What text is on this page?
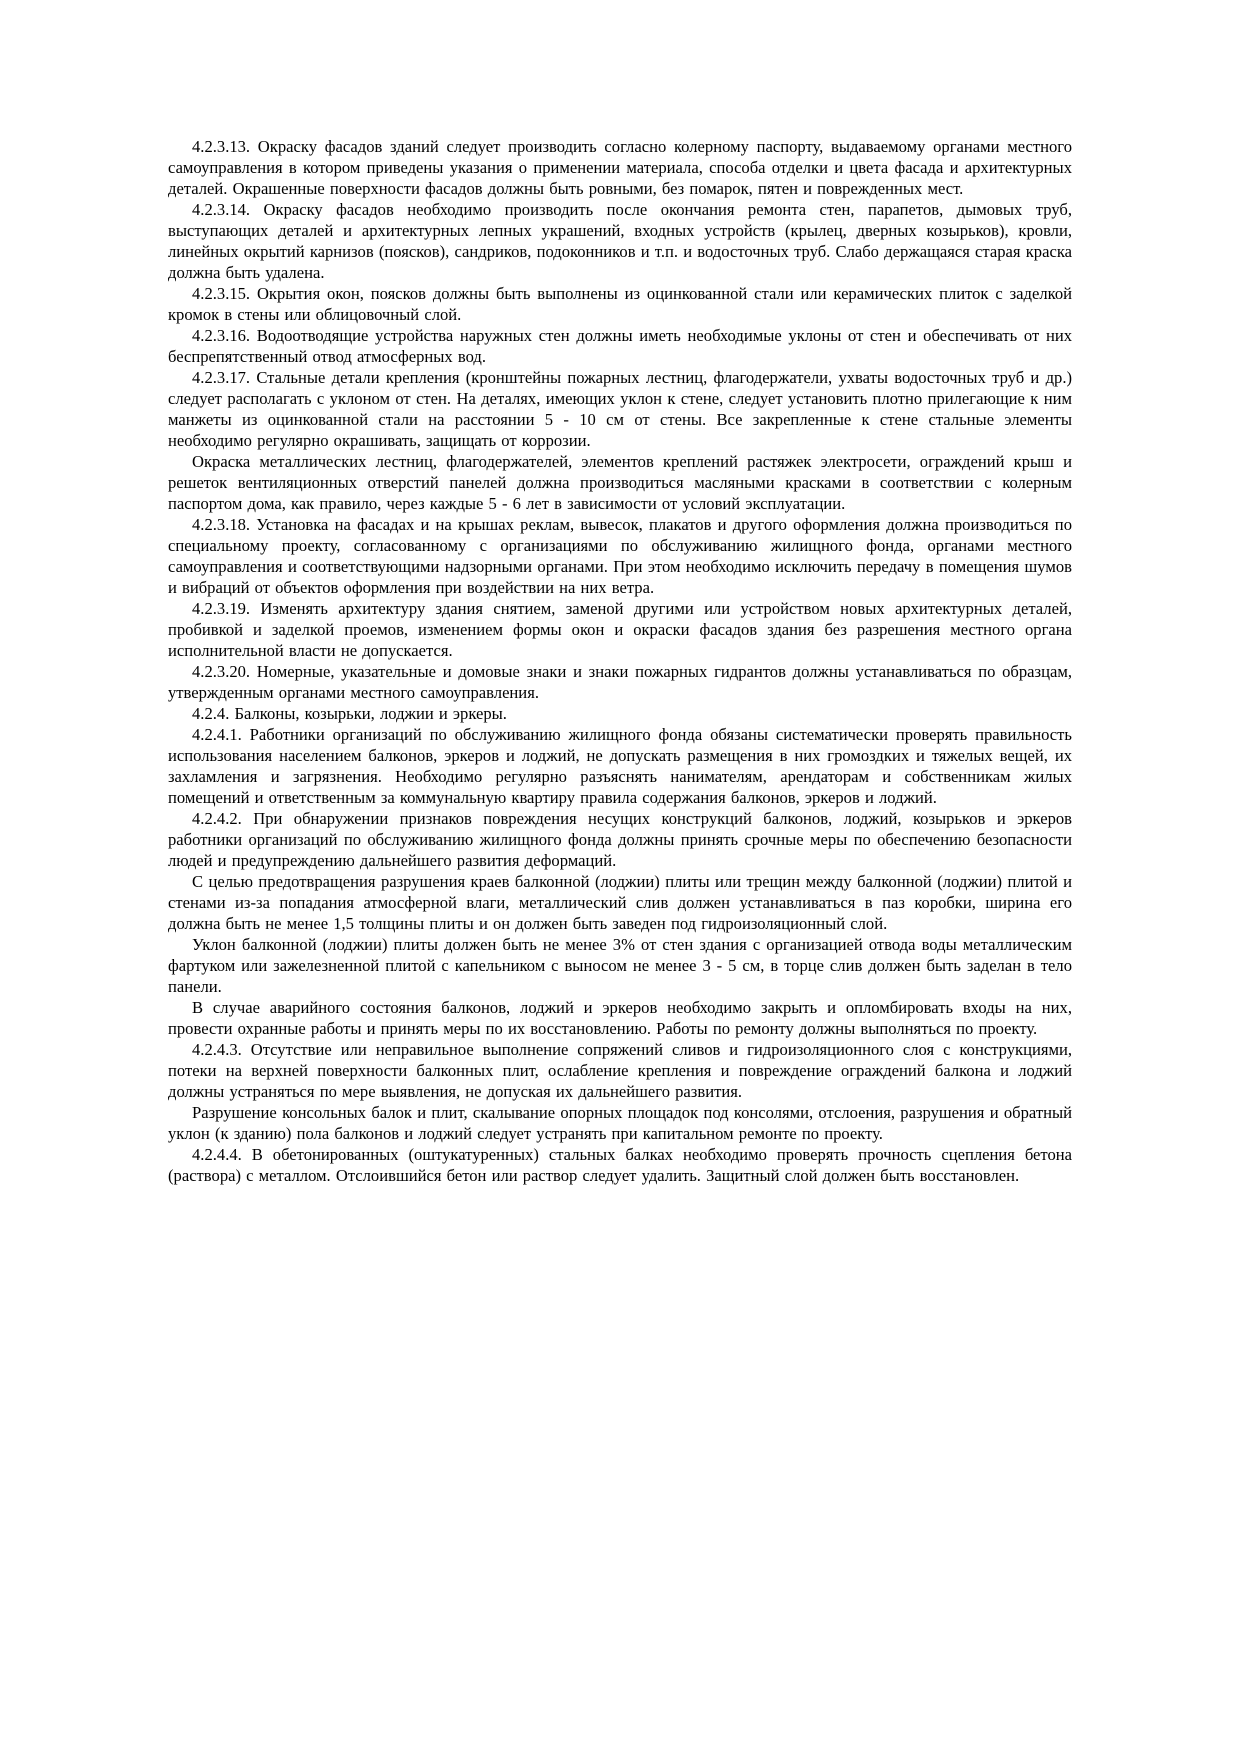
4.2.3.13. Окраску фасадов зданий следует производить согласно колерному паспорту, выдаваемому органами местного самоуправления в котором приведены указания о применении материала, способа отделки и цвета фасада и архитектурных деталей. Окрашенные поверхности фасадов должны быть ровными, без помарок, пятен и поврежденных мест.

4.2.3.14. Окраску фасадов необходимо производить после окончания ремонта стен, парапетов, дымовых труб, выступающих деталей и архитектурных лепных украшений, входных устройств (крылец, дверных козырьков), кровли, линейных окрытий карнизов (поясков), сандриков, подоконников и т.п. и водосточных труб. Слабо держащаяся старая краска должна быть удалена.

4.2.3.15. Окрытия окон, поясков должны быть выполнены из оцинкованной стали или керамических плиток с заделкой кромок в стены или облицовочный слой.

4.2.3.16. Водоотводящие устройства наружных стен должны иметь необходимые уклоны от стен и обеспечивать от них беспрепятственный отвод атмосферных вод.

4.2.3.17. Стальные детали крепления (кронштейны пожарных лестниц, флагодержатели, ухваты водосточных труб и др.) следует располагать с уклоном от стен. На деталях, имеющих уклон к стене, следует установить плотно прилегающие к ним манжеты из оцинкованной стали на расстоянии 5 - 10 см от стены. Все закрепленные к стене стальные элементы необходимо регулярно окрашивать, защищать от коррозии.

Окраска металлических лестниц, флагодержателей, элементов креплений растяжек электросети, ограждений крыш и решеток вентиляционных отверстий панелей должна производиться масляными красками в соответствии с колерным паспортом дома, как правило, через каждые 5 - 6 лет в зависимости от условий эксплуатации.

4.2.3.18. Установка на фасадах и на крышах реклам, вывесок, плакатов и другого оформления должна производиться по специальному проекту, согласованному с организациями по обслуживанию жилищного фонда, органами местного самоуправления и соответствующими надзорными органами. При этом необходимо исключить передачу в помещения шумов и вибраций от объектов оформления при воздействии на них ветра.

4.2.3.19. Изменять архитектуру здания снятием, заменой другими или устройством новых архитектурных деталей, пробивкой и заделкой проемов, изменением формы окон и окраски фасадов здания без разрешения местного органа исполнительной власти не допускается.

4.2.3.20. Номерные, указательные и домовые знаки и знаки пожарных гидрантов должны устанавливаться по образцам, утвержденным органами местного самоуправления.

4.2.4. Балконы, козырьки, лоджии и эркеры.

4.2.4.1. Работники организаций по обслуживанию жилищного фонда обязаны систематически проверять правильность использования населением балконов, эркеров и лоджий, не допускать размещения в них громоздких и тяжелых вещей, их захламления и загрязнения. Необходимо регулярно разъяснять нанимателям, арендаторам и собственникам жилых помещений и ответственным за коммунальную квартиру правила содержания балконов, эркеров и лоджий.

4.2.4.2. При обнаружении признаков повреждения несущих конструкций балконов, лоджий, козырьков и эркеров работники организаций по обслуживанию жилищного фонда должны принять срочные меры по обеспечению безопасности людей и предупреждению дальнейшего развития деформаций.

С целью предотвращения разрушения краев балконной (лоджии) плиты или трещин между балконной (лоджии) плитой и стенами из-за попадания атмосферной влаги, металлический слив должен устанавливаться в паз коробки, ширина его должна быть не менее 1,5 толщины плиты и он должен быть заведен под гидроизоляционный слой.

Уклон балконной (лоджии) плиты должен быть не менее 3% от стен здания с организацией отвода воды металлическим фартуком или зажелезненной плитой с капельником с выносом не менее 3 - 5 см, в торце слив должен быть заделан в тело панели.

В случае аварийного состояния балконов, лоджий и эркеров необходимо закрыть и опломбировать входы на них, провести охранные работы и принять меры по их восстановлению. Работы по ремонту должны выполняться по проекту.

4.2.4.3. Отсутствие или неправильное выполнение сопряжений сливов и гидроизоляционного слоя с конструкциями, потеки на верхней поверхности балконных плит, ослабление крепления и повреждение ограждений балкона и лоджий должны устраняться по мере выявления, не допуская их дальнейшего развития.

Разрушение консольных балок и плит, скалывание опорных площадок под консолями, отслоения, разрушения и обратный уклон (к зданию) пола балконов и лоджий следует устранять при капитальном ремонте по проекту.

4.2.4.4. В обетонированных (оштукатуренных) стальных балках необходимо проверять прочность сцепления бетона (раствора) с металлом. Отслоившийся бетон или раствор следует удалить. Защитный слой должен быть восстановлен.
